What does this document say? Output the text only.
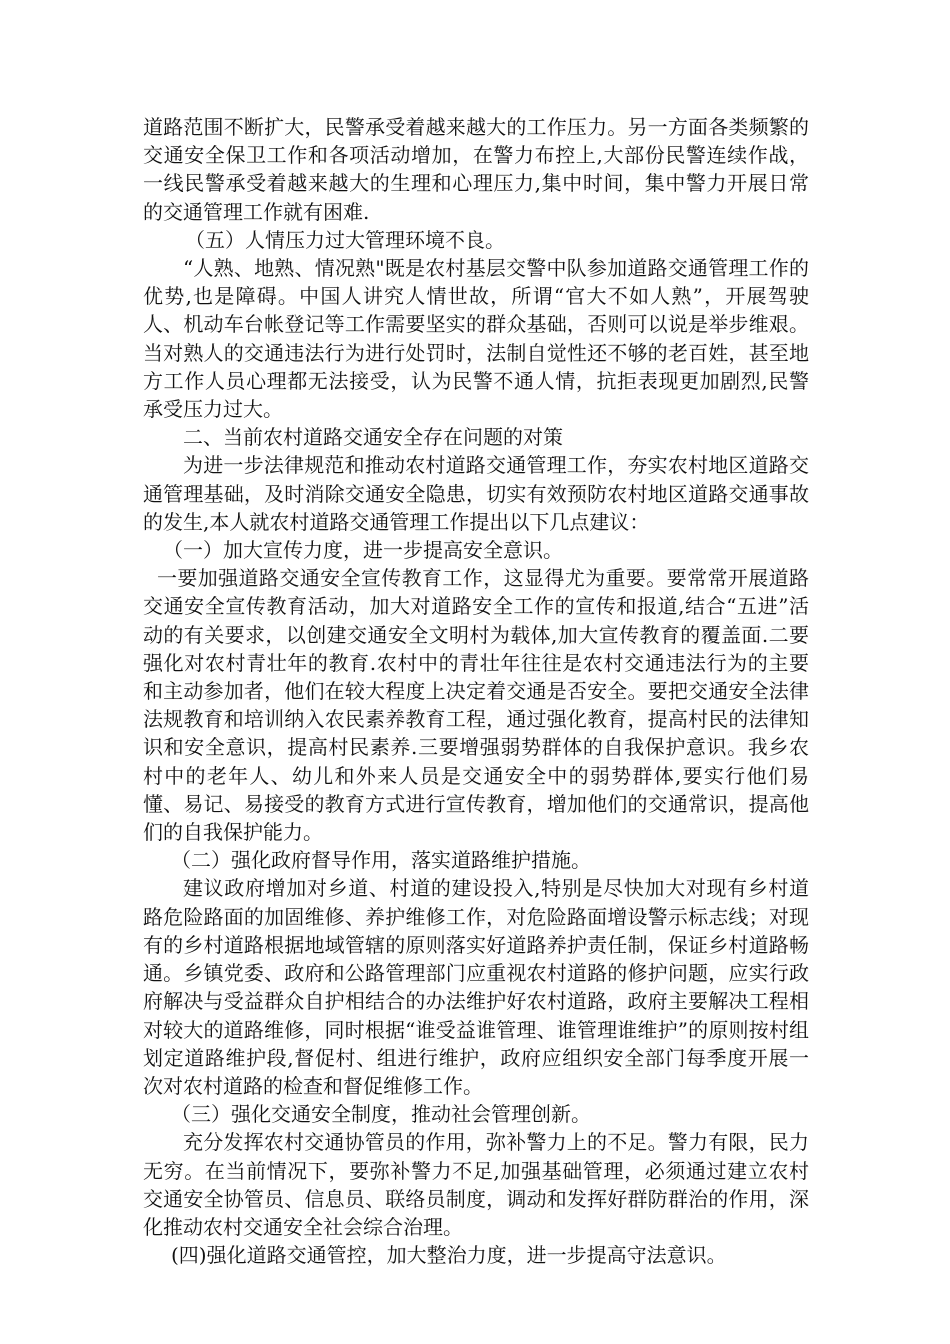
道路范围不断扩大，民警承受着越来越大的工作压力。另一方面各类频繁的交通安全保卫工作和各项活动增加，在警力布控上,大部份民警连续作战，一线民警承受着越来越大的生理和心理压力,集中时间，集中警力开展日常的交通管理工作就有困难.

（五）人情压力过大管理环境不良。

“人熟、地熟、情况熟"既是农村基层交警中队参加道路交通管理工作的优势,也是障碍。中国人讲究人情世故，所谓“官大不如人熟”，开展驾驶人、机动车台帐登记等工作需要坚实的群众基础，否则可以说是举步维艰。当对熟人的交通违法行为进行处罚时，法制自觉性还不够的老百姓，甚至地方工作人员心理都无法接受，认为民警不通人情，抗拒表现更加剧烈,民警承受压力过大。

二、当前农村道路交通安全存在问题的对策

为进一步法律规范和推动农村道路交通管理工作，夯实农村地区道路交通管理基础，及时消除交通安全隐患，切实有效预防农村地区道路交通事故的发生,本人就农村道路交通管理工作提出以下几点建议：

（一）加大宣传力度，进一步提高安全意识。

一要加强道路交通安全宣传教育工作，这显得尤为重要。要常常开展道路交通安全宣传教育活动，加大对道路安全工作的宣传和报道,结合“五进”活动的有关要求，以创建交通安全文明村为载体,加大宣传教育的覆盖面.二要强化对农村青壮年的教育.农村中的青壮年往往是农村交通违法行为的主要和主动参加者，他们在较大程度上决定着交通是否安全。要把交通安全法律法规教育和培训纳入农民素养教育工程，通过强化教育，提高村民的法律知识和安全意识，提高村民素养.三要增强弱势群体的自我保护意识。我乡农村中的老年人、幼儿和外来人员是交通安全中的弱势群体,要实行他们易懂、易记、易接受的教育方式进行宣传教育，增加他们的交通常识，提高他们的自我保护能力。

（二）强化政府督导作用，落实道路维护措施。

建议政府增加对乡道、村道的建设投入,特别是尽快加大对现有乡村道路危险路面的加固维修、养护维修工作，对危险路面增设警示标志线；对现有的乡村道路根据地域管辖的原则落实好道路养护责任制，保证乡村道路畅通。乡镇党委、政府和公路管理部门应重视农村道路的修护问题，应实行政府解决与受益群众自护相结合的办法维护好农村道路，政府主要解决工程相对较大的道路维修，同时根据“谁受益谁管理、谁管理谁维护”的原则按村组划定道路维护段,督促村、组进行维护，政府应组织安全部门每季度开展一次对农村道路的检查和督促维修工作。

（三）强化交通安全制度，推动社会管理创新。

充分发挥农村交通协管员的作用，弥补警力上的不足。警力有限，民力无穷。在当前情况下，要弥补警力不足,加强基础管理，必须通过建立农村交通安全协管员、信息员、联络员制度，调动和发挥好群防群治的作用，深化推动农村交通安全社会综合治理。

(四)强化道路交通管控，加大整治力度，进一步提高守法意识。
